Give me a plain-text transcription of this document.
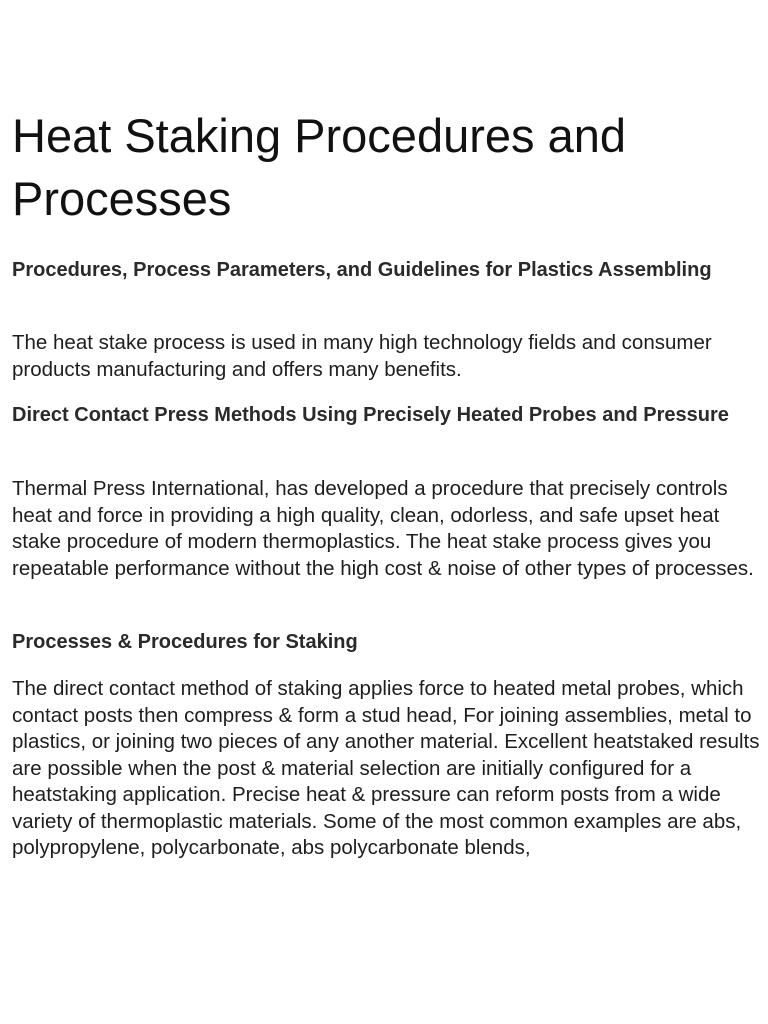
Heat Staking Procedures and Processes
Procedures, Process Parameters, and Guidelines for Plastics Assembling

The heat stake process is used in many high technology fields and consumer products manufacturing and offers many benefits.

Direct Contact Press Methods Using Precisely Heated Probes and Pressure

Thermal Press International, has developed a procedure that precisely controls heat and force in providing a high quality, clean, odorless, and safe upset heat stake procedure of modern thermoplastics. The heat stake process gives you repeatable performance without the high cost & noise of other types of processes.

Processes & Procedures for Staking

The direct contact method of staking applies force to heated metal probes, which contact posts then compress & form a stud head, For joining assemblies, metal to plastics, or joining two pieces of any another material. Excellent heatstaked results are possible when the post & material selection are initially configured for a heatstaking application. Precise heat & pressure can reform posts from a wide variety of thermoplastic materials. Some of the most common examples are abs, polypropylene, polycarbonate, abs polycarbonate blends,
